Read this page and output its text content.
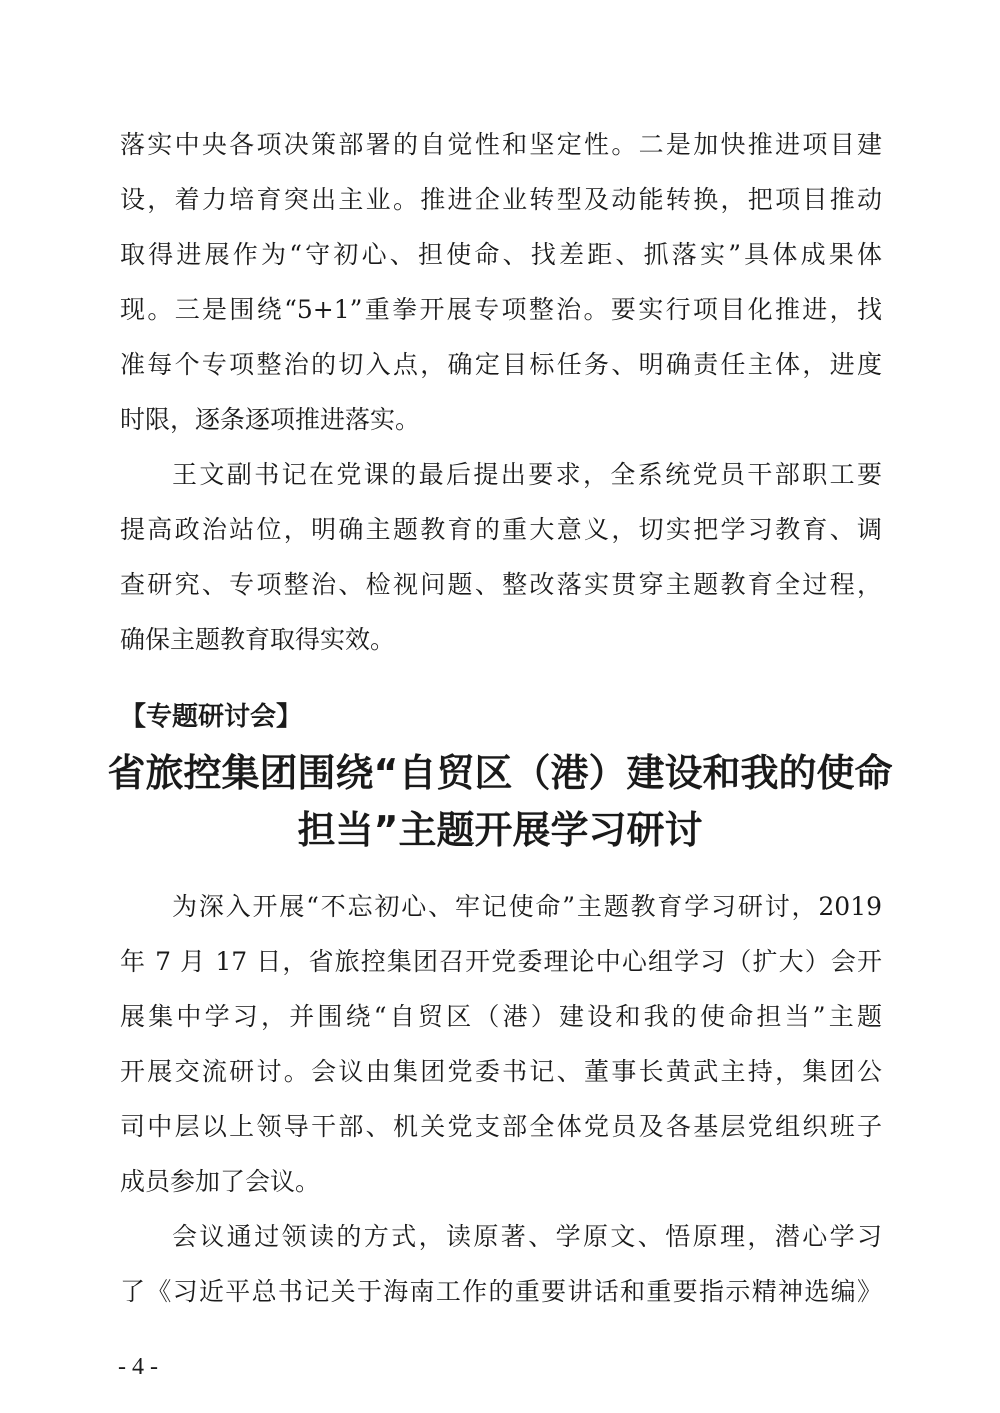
落实中央各项决策部署的自觉性和坚定性。二是加快推进项目建

设，着力培育突出主业。推进企业转型及动能转换，把项目推动

取得进展作为“守初心、担使命、找差距、抓落实”具体成果体

现。三是围绕“5+1”重拳开展专项整治。要实行项目化推进，找

准每个专项整治的切入点，确定目标任务、明确责任主体，进度

时限，逐条逐项推进落实。

王文副书记在党课的最后提出要求，全系统党员干部职工要

提高政治站位，明确主题教育的重大意义，切实把学习教育、调

查研究、专项整治、检视问题、整改落实贯穿主题教育全过程，

确保主题教育取得实效。

【专题研讨会】

省旅控集团围绕“自贸区（港）建设和我的使命
担当”主题开展学习研讨

为深入开展“不忘初心、牢记使命”主题教育学习研讨，2019

年 7 月 17 日，省旅控集团召开党委理论中心组学习（扩大）会开

展集中学习，并围绕“自贸区（港）建设和我的使命担当”主题

开展交流研讨。会议由集团党委书记、董事长黄武主持，集团公

司中层以上领导干部、机关党支部全体党员及各基层党组织班子

成员参加了会议。

会议通过领读的方式，读原著、学原文、悟原理，潜心学习

了《习近平总书记关于海南工作的重要讲话和重要指示精神选编》

- 4 -
